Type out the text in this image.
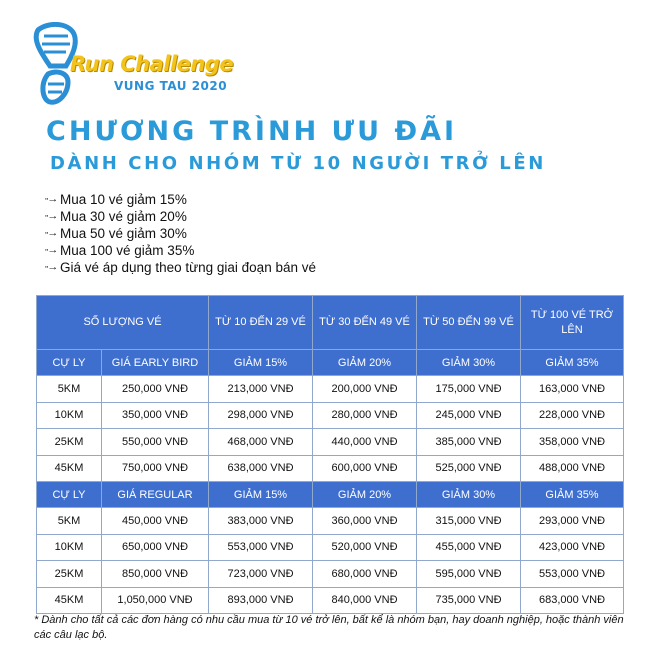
Run Challenge
VUNG TAU 2020
CHƯƠNG TRÌNH ƯU ĐÃI
DÀNH CHO NHÓM TỪ 10 NGƯỜI TRỞ LÊN
··→ Mua 10 vé giảm 15%
··→ Mua 30 vé giảm 20%
··→ Mua 50 vé giảm 30%
··→ Mua 100 vé giảm 35%
··→ Giá vé áp dụng theo từng giai đoạn bán vé
SỐ LƯỢNG VÉ		TỪ 10 ĐẾN 29 VÉ	TỪ 30 ĐẾN 49 VÉ	TỪ 50 ĐẾN 99 VÉ	TỪ 100 VÉ TRỞ LÊN
CỰ LY	GIÁ EARLY BIRD	GIẢM 15%	GIẢM 20%	GIẢM 30%	GIẢM 35%
5KM	250,000 VNĐ	213,000 VNĐ	200,000 VNĐ	175,000 VNĐ	163,000 VNĐ
10KM	350,000 VNĐ	298,000 VNĐ	280,000 VNĐ	245,000 VNĐ	228,000 VNĐ
25KM	550,000 VNĐ	468,000 VNĐ	440,000 VNĐ	385,000 VNĐ	358,000 VNĐ
45KM	750,000 VNĐ	638,000 VNĐ	600,000 VNĐ	525,000 VNĐ	488,000 VNĐ
CỰ LY	GIÁ REGULAR	GIẢM 15%	GIẢM 20%	GIẢM 30%	GIẢM 35%
5KM	450,000 VNĐ	383,000 VNĐ	360,000 VNĐ	315,000 VNĐ	293,000 VNĐ
10KM	650,000 VNĐ	553,000 VNĐ	520,000 VNĐ	455,000 VNĐ	423,000 VNĐ
25KM	850,000 VNĐ	723,000 VNĐ	680,000 VNĐ	595,000 VNĐ	553,000 VNĐ
45KM	1,050,000 VNĐ	893,000 VNĐ	840,000 VNĐ	735,000 VNĐ	683,000 VNĐ

* Dành cho tất cả các đơn hàng có nhu cầu mua từ 10 vé trở lên, bất kể là nhóm bạn, hay doanh nghiệp, hoặc thành viên các câu lạc bộ.
